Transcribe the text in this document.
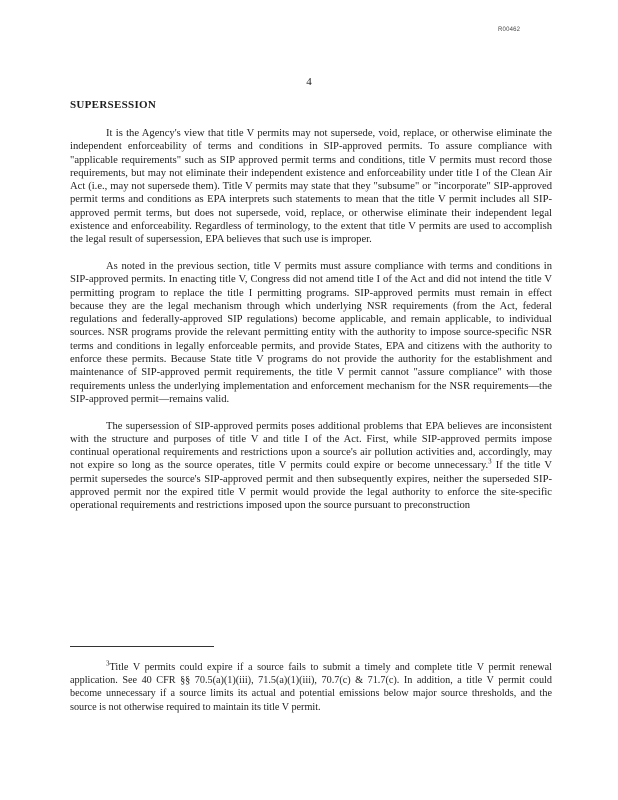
R00462
4
SUPERSESSION

It is the Agency's view that title V permits may not supersede, void, replace, or otherwise eliminate the independent enforceability of terms and conditions in SIP-approved permits. To assure compliance with "applicable requirements" such as SIP approved permit terms and conditions, title V permits must record those requirements, but may not eliminate their independent existence and enforceability under title I of the Clean Air Act (i.e., may not supersede them). Title V permits may state that they "subsume" or "incorporate" SIP-approved permit terms and conditions as EPA interprets such statements to mean that the title V permit includes all SIP-approved permit terms, but does not supersede, void, replace, or otherwise eliminate their independent legal existence and enforceability. Regardless of terminology, to the extent that title V permits are used to accomplish the legal result of supersession, EPA believes that such use is improper.

As noted in the previous section, title V permits must assure compliance with terms and conditions in SIP-approved permits. In enacting title V, Congress did not amend title I of the Act and did not intend the title V permitting program to replace the title I permitting programs. SIP-approved permits must remain in effect because they are the legal mechanism through which underlying NSR requirements (from the Act, federal regulations and federally-approved SIP regulations) become applicable, and remain applicable, to individual sources. NSR programs provide the relevant permitting entity with the authority to impose source-specific NSR terms and conditions in legally enforceable permits, and provide States, EPA and citizens with the authority to enforce these permits. Because State title V programs do not provide the authority for the establishment and maintenance of SIP-approved permit requirements, the title V permit cannot "assure compliance" with those requirements unless the underlying implementation and enforcement mechanism for the NSR requirements—the SIP-approved permit—remains valid.

The supersession of SIP-approved permits poses additional problems that EPA believes are inconsistent with the structure and purposes of title V and title I of the Act. First, while SIP-approved permits impose continual operational requirements and restrictions upon a source's air pollution activities and, accordingly, may not expire so long as the source operates, title V permits could expire or become unnecessary.$^3$ If the title V permit supersedes the source's SIP-approved permit and then subsequently expires, neither the superseded SIP-approved permit nor the expired title V permit would provide the legal authority to enforce the site-specific operational requirements and restrictions imposed upon the source pursuant to preconstruction

$^3$Title V permits could expire if a source fails to submit a timely and complete title V permit renewal application. See 40 CFR §§ 70.5(a)(1)(iii), 71.5(a)(1)(iii), 70.7(c) & 71.7(c). In addition, a title V permit could become unnecessary if a source limits its actual and potential emissions below major source thresholds, and the source is not otherwise required to maintain its title V permit.
